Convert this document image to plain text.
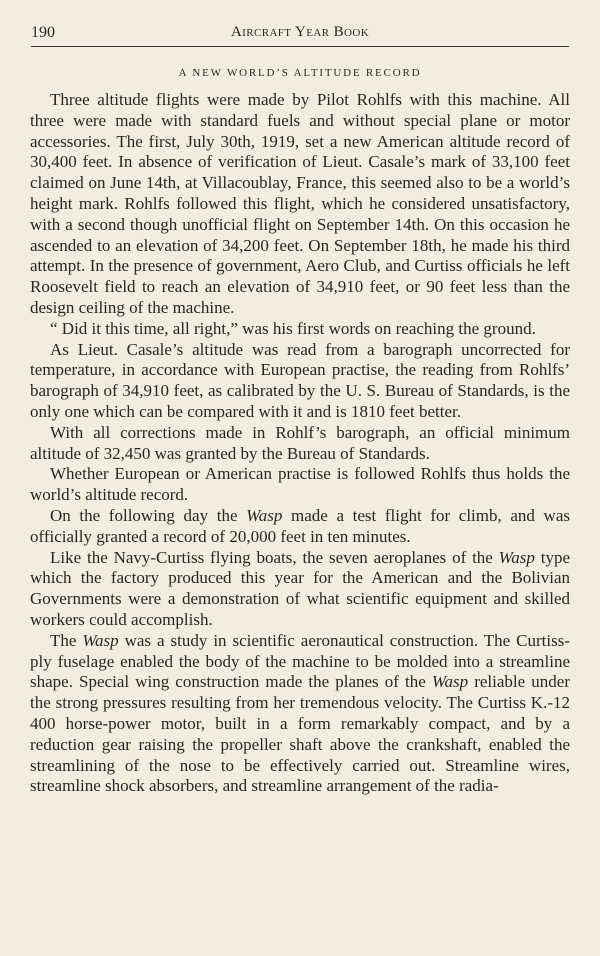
190	Aircraft Year Book
A NEW WORLD’S ALTITUDE RECORD

Three altitude flights were made by Pilot Rohlfs with this machine. All three were made with standard fuels and without special plane or motor accessories. The first, July 30th, 1919, set a new American altitude record of 30,400 feet. In absence of verification of Lieut. Casale’s mark of 33,100 feet claimed on June 14th, at Villacoublay, France, this seemed also to be a world’s height mark. Rohlfs followed this flight, which he considered unsatisfactory, with a second though unofficial flight on September 14th. On this occasion he ascended to an elevation of 34,200 feet. On September 18th, he made his third attempt. In the presence of government, Aero Club, and Curtiss officials he left Roosevelt field to reach an elevation of 34,910 feet, or 90 feet less than the design ceiling of the machine.

“ Did it this time, all right,” was his first words on reaching the ground.

As Lieut. Casale’s altitude was read from a barograph uncorrected for temperature, in accordance with European practise, the reading from Rohlfs’ barograph of 34,910 feet, as calibrated by the U. S. Bureau of Standards, is the only one which can be compared with it and is 1810 feet better.

With all corrections made in Rohlf’s barograph, an official minimum altitude of 32,450 was granted by the Bureau of Standards.

Whether European or American practise is followed Rohlfs thus holds the world’s altitude record.

On the following day the Wasp made a test flight for climb, and was officially granted a record of 20,000 feet in ten minutes.

Like the Navy-Curtiss flying boats, the seven aeroplanes of the Wasp type which the factory produced this year for the American and the Bolivian Governments were a demonstration of what scientific equipment and skilled workers could accomplish.

The Wasp was a study in scientific aeronautical construction. The Curtiss-ply fuselage enabled the body of the machine to be molded into a streamline shape. Special wing construction made the planes of the Wasp reliable under the strong pressures resulting from her tremendous velocity. The Curtiss K.-12 400 horse-power motor, built in a form remarkably compact, and by a reduction gear raising the propeller shaft above the crankshaft, enabled the streamlining of the nose to be effectively carried out. Streamline wires, streamline shock absorbers, and streamline arrangement of the radia-
